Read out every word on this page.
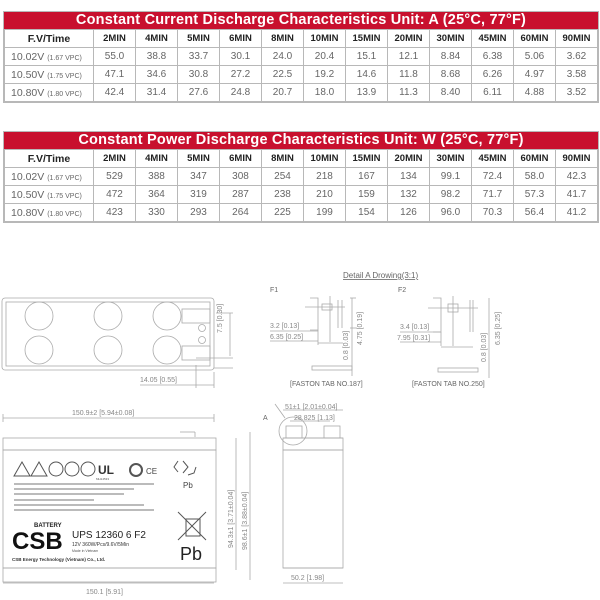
Constant Current Discharge Characteristics Unit: A (25°C, 77°F)
F.V/Time	2MIN	4MIN	5MIN	6MIN	8MIN	10MIN	15MIN	20MIN	30MIN	45MIN	60MIN	90MIN
10.02V (1.67 VPC)	55.0	38.8	33.7	30.1	24.0	20.4	15.1	12.1	8.84	6.38	5.06	3.62
10.50V (1.75 VPC)	47.1	34.6	30.8	27.2	22.5	19.2	14.6	11.8	8.68	6.26	4.97	3.58
10.80V (1.80 VPC)	42.4	31.4	27.6	24.8	20.7	18.0	13.9	11.3	8.40	6.11	4.88	3.52
Constant Power Discharge Characteristics Unit: W (25°C, 77°F)
F.V/Time	2MIN	4MIN	5MIN	6MIN	8MIN	10MIN	15MIN	20MIN	30MIN	45MIN	60MIN	90MIN
10.02V (1.67 VPC)	529	388	347	308	254	218	167	134	99.1	72.4	58.0	42.3
10.50V (1.75 VPC)	472	364	319	287	238	210	159	132	98.2	71.7	57.3	41.7
10.80V (1.80 VPC)	423	330	293	264	225	199	154	126	96.0	70.3	56.4	41.2
7.5 [0.30]
14.05 [0.55]
Detail A Drowing(3:1)
F1
3.2 [0.13]
6.35 [0.25]	0.8 [0.03]
4.75 [0.19]
[FASTON TAB NO.187]
F2
3.4 [0.13]
7.95 [0.31]	0.8 [0.03]
6.35 [0.25]
[FASTON TAB NO.250]
150.9±2 [5.94±0.08]
150.1 [5.91]
94.3±1 [3.71±0.04] 98.6±1 [3.88±0.04]
UL
MH14533
CE
Pb
Pb
BATTERY
CSB UPS 12360 6 F2
12V 360W/Pcs/9.6V/5Min
Made in Vietnam
CSB Energy Technology (Vietnam) Co., Ltd.
A
51±1 [2.01±0.04]
28.825 [1.13]
50.2 [1.98]
